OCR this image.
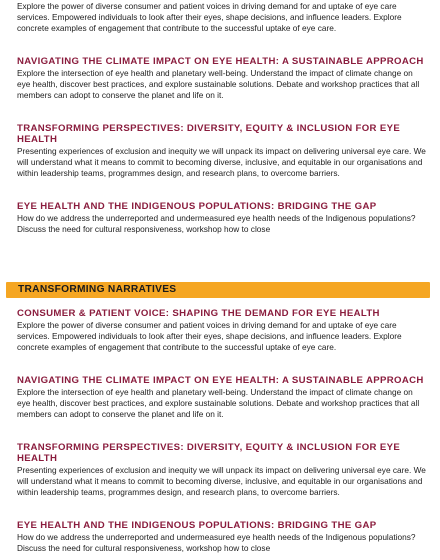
Explore the power of diverse consumer and patient voices in driving demand for and uptake of eye care services. Empowered individuals to look after their eyes, shape decisions, and influence leaders. Explore concrete examples of engagement that contribute to the successful uptake of eye care.

NAVIGATING THE CLIMATE IMPACT ON EYE HEALTH: A SUSTAINABLE APPROACH

Explore the intersection of eye health and planetary well-being. Understand the impact of climate change on eye health, discover best practices, and explore sustainable solutions. Debate and workshop practices that all members can adopt to conserve the planet and life on it.

TRANSFORMING PERSPECTIVES: DIVERSITY, EQUITY & INCLUSION FOR EYE HEALTH

Presenting experiences of exclusion and inequity we will unpack its impact on delivering universal eye care. We will understand what it means to commit to becoming diverse, inclusive, and equitable in our organisations and within leadership teams, programmes design, and research plans, to overcome barriers.

EYE HEALTH AND THE INDIGENOUS POPULATIONS: BRIDGING THE GAP

How do we address the underreported and undermeasured eye health needs of the Indigenous populations? Discuss the need for cultural responsiveness, workshop how to close

TRANSFORMING NARRATIVES
CONSUMER & PATIENT VOICE: SHAPING THE DEMAND FOR EYE HEALTH

Explore the power of diverse consumer and patient voices in driving demand for and uptake of eye care services. Empowered individuals to look after their eyes, shape decisions, and influence leaders. Explore concrete examples of engagement that contribute to the successful uptake of eye care.

NAVIGATING THE CLIMATE IMPACT ON EYE HEALTH: A SUSTAINABLE APPROACH

Explore the intersection of eye health and planetary well-being. Understand the impact of climate change on eye health, discover best practices, and explore sustainable solutions. Debate and workshop practices that all members can adopt to conserve the planet and life on it.

TRANSFORMING PERSPECTIVES: DIVERSITY, EQUITY & INCLUSION FOR EYE HEALTH

Presenting experiences of exclusion and inequity we will unpack its impact on delivering universal eye care. We will understand what it means to commit to becoming diverse, inclusive, and equitable in our organisations and within leadership teams, programmes design, and research plans, to overcome barriers.

EYE HEALTH AND THE INDIGENOUS POPULATIONS: BRIDGING THE GAP

How do we address the underreported and undermeasured eye health needs of the Indigenous populations? Discuss the need for cultural responsiveness, workshop how to close
